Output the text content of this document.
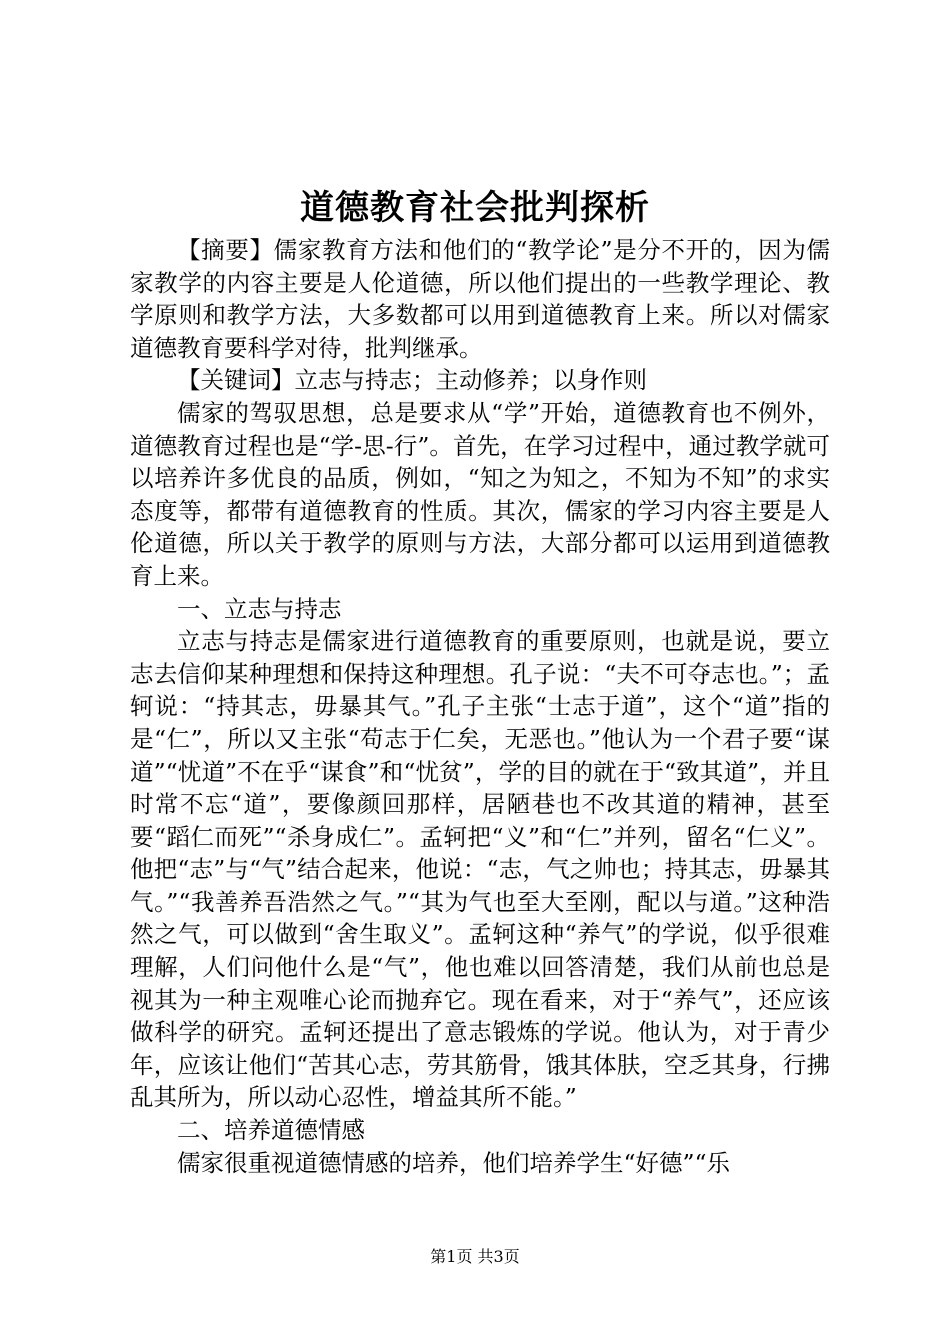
道德教育社会批判探析

【摘要】儒家教育方法和他们的“教学论”是分不开的，因为儒家教学的内容主要是人伦道德，所以他们提出的一些教学理论、教学原则和教学方法，大多数都可以用到道德教育上来。所以对儒家道德教育要科学对待，批判继承。

【关键词】立志与持志；主动修养；以身作则

儒家的驾驭思想，总是要求从“学”开始，道德教育也不例外，道德教育过程也是“学-思-行”。首先，在学习过程中，通过教学就可以培养许多优良的品质，例如，“知之为知之，不知为不知”的求实态度等，都带有道德教育的性质。其次，儒家的学习内容主要是人伦道德，所以关于教学的原则与方法，大部分都可以运用到道德教育上来。

一、立志与持志

立志与持志是儒家进行道德教育的重要原则，也就是说，要立志去信仰某种理想和保持这种理想。孔子说：“夫不可夺志也。”；孟轲说：“持其志，毋暴其气。”孔子主张“士志于道”，这个“道”指的是“仁”，所以又主张“苟志于仁矣，无恶也。”他认为一个君子要“谋道”“忧道”不在乎“谋食”和“忧贫”，学的目的就在于“致其道”，并且时常不忘“道”，要像颜回那样，居陋巷也不改其道的精神，甚至要“蹈仁而死”“杀身成仁”。孟轲把“义”和“仁”并列，留名“仁义”。他把“志”与“气”结合起来，他说：“志，气之帅也；持其志，毋暴其气。”“我善养吾浩然之气。”“其为气也至大至刚，配以与道。”这种浩然之气，可以做到“舍生取义”。孟轲这种“养气”的学说，似乎很难理解，人们问他什么是“气”，他也难以回答清楚，我们从前也总是视其为一种主观唯心论而抛弃它。现在看来，对于“养气”，还应该做科学的研究。孟轲还提出了意志锻炼的学说。他认为，对于青少年，应该让他们“苦其心志，劳其筋骨，饿其体肤，空乏其身，行拂乱其所为，所以动心忍性，增益其所不能。”

二、培养道德情感

儒家很重视道德情感的培养，他们培养学生“好德”“乐

第1页 共3页
